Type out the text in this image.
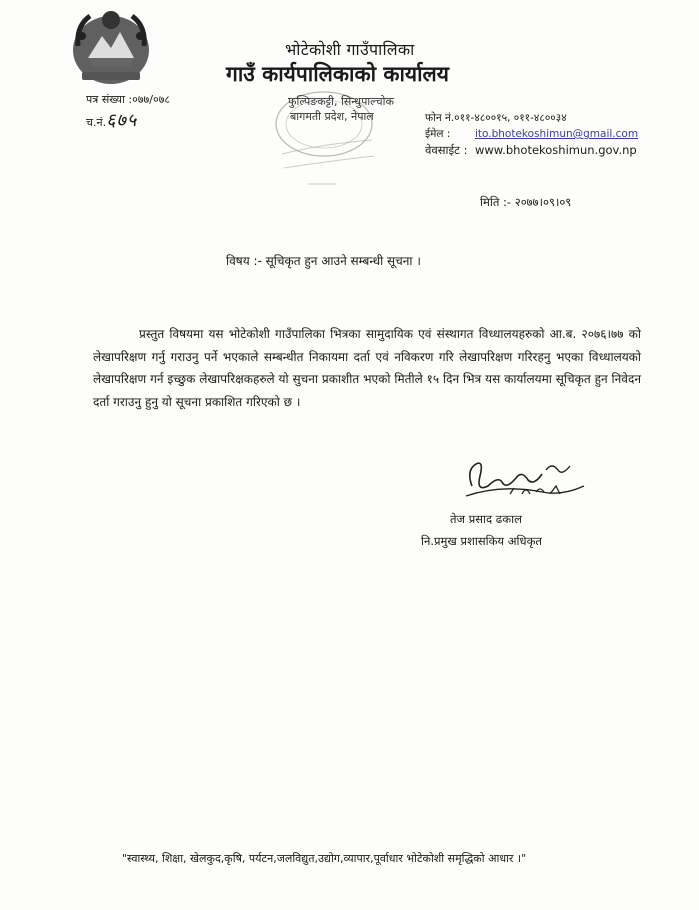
भोटेकोशी गाउँपालिका
गाउँ कार्यपालिकाको कार्यालय
फुल्पिङकट्टी, सिन्धुपाल्चोक
बागमती प्रदेश, नेपाल
पत्र संख्या :०७७/०७८
च.नं.६७५	फोन नं.०११-४८००१५, ०११-४८००३४
ईमेल : ito.bhotekoshimun@gmail.com
वेवसाईट : www.bhotekoshimun.gov.np
मिति :- २०७७।०९।०९
विषय :- सूचिकृत हुन आउने सम्बन्धी सूचना ।
प्रस्तुत विषयमा यस भोटेकोशी गाउँपालिका भित्रका सामुदायिक एवं संस्थागत विध्धालयहरुको आ.ब. २०७६।७७ को लेखापरिक्षण गर्नु गराउनु पर्ने भएकाले सम्बन्धीत निकायमा दर्ता एवं नविकरण गरि लेखापरिक्षण गरिरहनु भएका विध्धालयको लेखापरिक्षण गर्न इच्छुक लेखापरिक्षकहरुले यो सुचना प्रकाशीत भएको मितीले १५ दिन भित्र यस कार्यालयमा सूचिकृत हुन निवेदन दर्ता गराउनु हुनु यो सूचना प्रकाशित गरिएको छ ।
तेज प्रसाद ढकाल
नि.प्रमुख प्रशासकिय अधिकृत
"स्वास्थ्य, शिक्षा, खेलकुद,कृषि, पर्यटन,जलविद्युत,उद्योग,व्यापार,पूर्वाधार भोटेकोशी समृद्धिको आधार ।"
